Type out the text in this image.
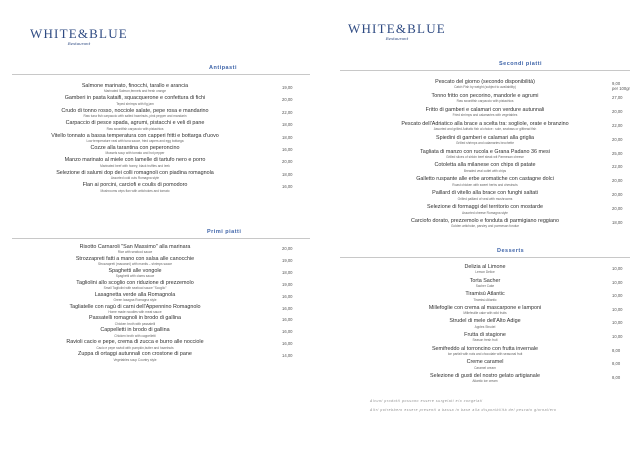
WHITE&BLUE
Restaurant
Antipasti
Salmone marinato, finocchi, tarallo e arancia
Marinated Salmon,fennels and fresh orange
19,00
Gamberi in pasta kataifi, squacquerone e confettura di fichi
Teped shrimps with fig jam
20,00
Crudo di tonno rosso, nocciole salate, pepe rosa e mandarino
Raw tuna fish carpaccio with salted hazelnuts, pink pepper and mandarin
22,00
Carpaccio di pesce spada, agrumi, pistacchi e veli di pane
Raw swordfish carpaccio with pistachios
18,00
Vitello tonnato a bassa temperatura con capperi fritti e bottarga d'uovo
Low temperature veal with tuna sauce, fried capers and egg bottarga
18,00
Cozze alla tarantina con peperoncino
Mussels soup with tomato and hot pepper
16,00
Manzo marinato al miele con lamelle di tartufo nero e porro
Marinated beef with honey, black truffles and leek
20,00
Selezione di salumi dop dei colli romagnoli con piadina romagnola
Assorted cold cuts Romagna style
18,00
Flan ai porcini, carciofi e coulis di pomodoro
Mushrooms cèps flan with artichokes and tomato
16,00
Primi piatti
Risotto Carnaroli "San Massimo" alla marinara
Rice with seafood sauce
20,00
Strozzapreti fatti a mano con salsa alle canocchie
Strozzapreti (macaroni) with mantis – shrimps sauce
19,00
Spaghetti alle vongole
Spaghetti with clams sauce
18,00
Tagliolini allo scoglio con riduzione di prezzemolo
Small Tagliolini with seafood sauce "Scoglio"
19,00
Lasagnetta verde alla Romagnola
Green lasagna Romagna style
16,00
Tagliatelle con ragù di carni dell'Appennino Romagnolo
Home made noodles with meat sauce
16,00
Passatelli romagnoli in brodo di gallina
Chicken broth with passatelli
16,00
Cappelletti in brodo di gallina
Chicken broth with cappelletti
16,00
Ravioli cacio e pepe, crema di zucca e burro alle nocciole
Cacio e pepe ravioli with pumpkin,butter and hazelnuts
16,00
Zuppa di ortaggi autunnali con crostone di pane
Vegetables soup Country style
14,00
WHITE&BLUE
Restaurant
Secondi piatti
Pescato del giorno (secondo disponibilità)
Catch Fish by weight (subject to availability)
9,00
per 100gr
Tonno fritto con pecorino, mandorle e agrumi
Raw swordfish carpaccio with pistachios
27,00
Fritto di gamberi e calamari con verdure autunnali
Fried shrimps and calamaries with vegetables
20,00
Pescato dell'Adriatico alla brace a scelta tra: sogliole, orate e branzino
Assorted and grilled Adriatic fish al choice : sole, seabass or gilthead fish
22,00
Spiedini di gamberi e calamari alla griglia
Grilled shrimps and calamaries brochette
20,00
Tagliata di manzo con rucola e Grana Padano 36 mesi
Grilled slices of sirloin beef steak wit Parmesan cheese
25,00
Cotoletta alla milanese con chips di patate
Breaded veal cutlet with chips
22,00
Galletto ruspante alle erbe aromatiche con castagne dolci
Roast chicken with sweet herbs and chestnuts
20,00
Paillard di vitello alla brace con funghi saltati
Grilled paillard of veal with mushrooms
20,00
Selezione di formaggi del territorio con mostarde
Assorted cheese Romagna style
20,00
Carciofo dorato, prezzemolo e fonduta di parmigiano reggiano
Golden artichoke, parsley and parmesan fondue
18,00
Desserts
Delizia al Limone
Lemon Delice
10,00
Torta Sacher
Sacher Cake
10,00
Tiramisù Atlantic
Tiramisù Atlantic
10,00
Millefoglie con crema al mascarpone e lamponi
Millefeuille cake with wild fruits
10,00
Strudel di mele dell'Alto Adige
Apples Strudel
10,00
Frutta di stagione
Season fresh fruit
10,00
Semifreddo al torroncino con frutta invernale
Ice parfait with nuts and chocolate with seasonal fruit
8,00
Creme caramel
Caramel cream
8,00
Selezione di gusti del nostro gelato artigianale
Atlantic ice cream
8,00
Alcuni prodotti possono essere surgelati e/o congelati
Altri potrebbero essere presenti a bassa in base alla disponibilità del pescato giornaliero
